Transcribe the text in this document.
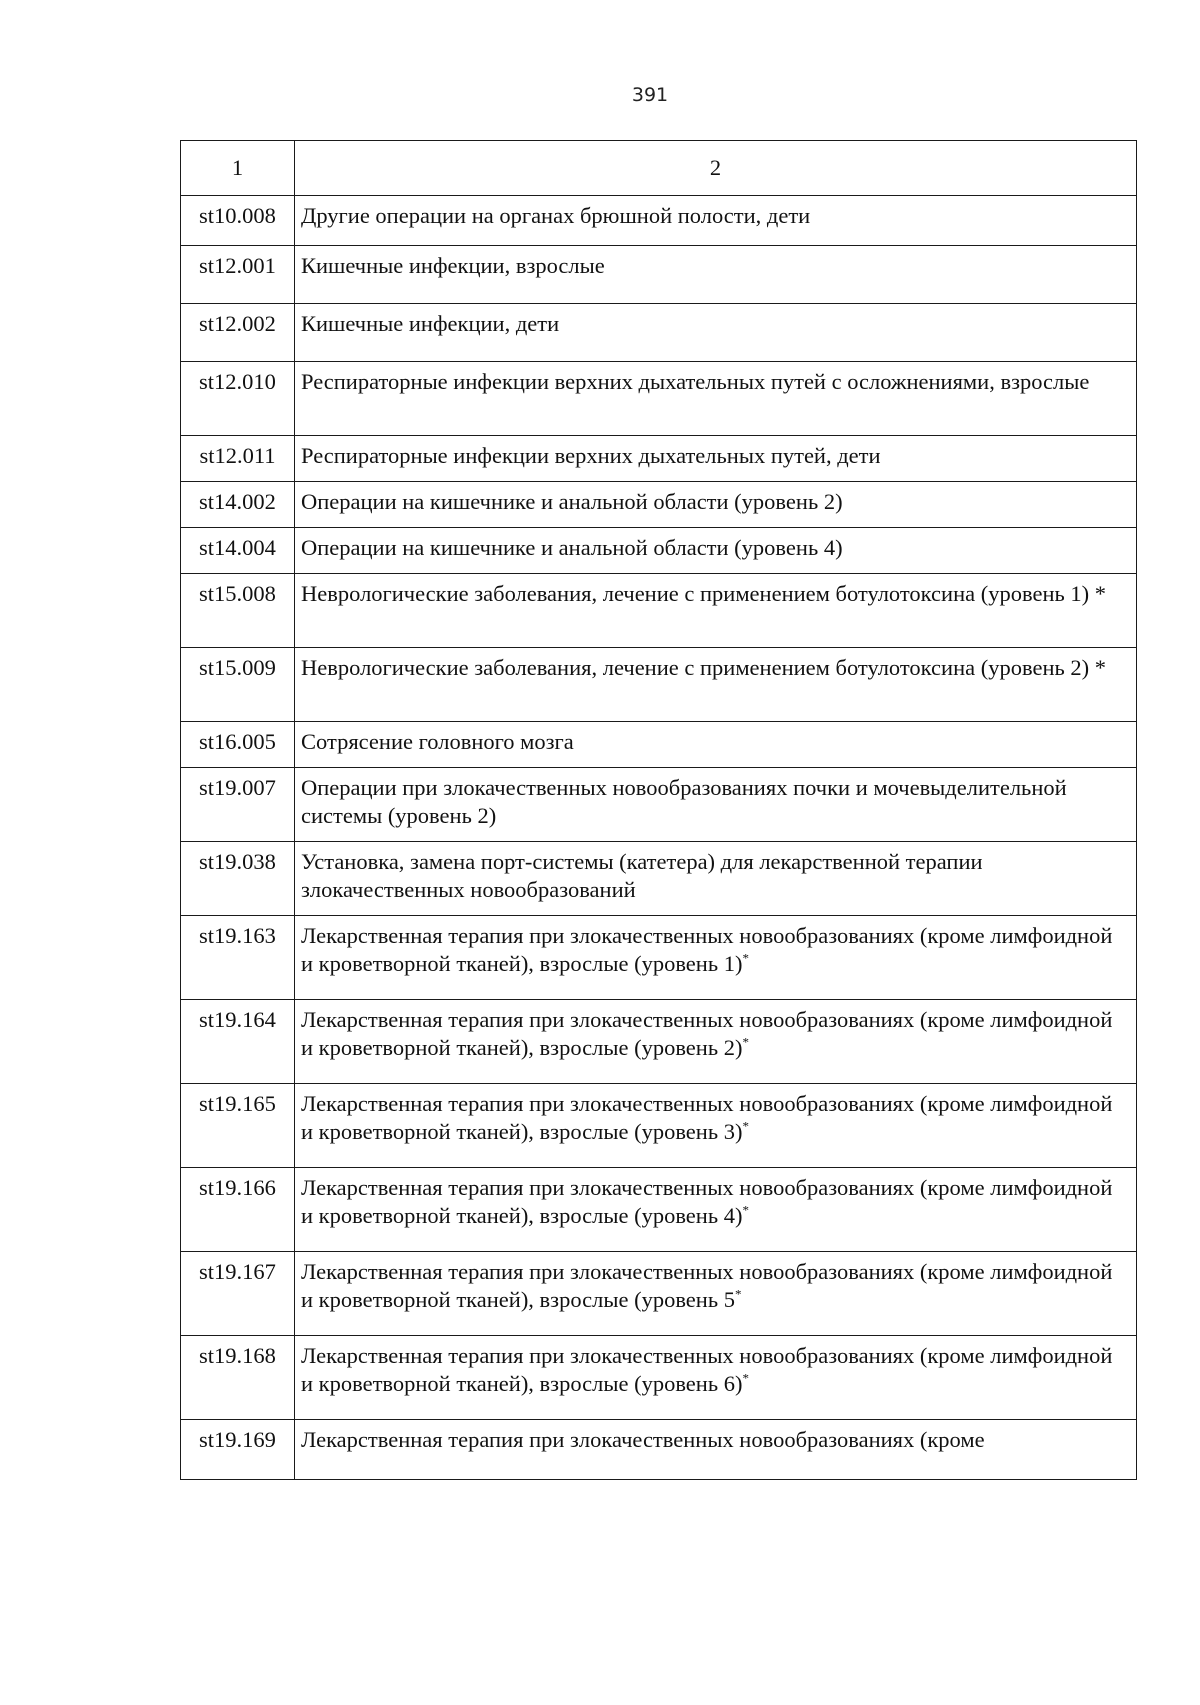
391
1	2
st10.008	Другие операции на органах брюшной полости, дети
st12.001	Кишечные инфекции, взрослые
st12.002	Кишечные инфекции, дети
st12.010	Респираторные инфекции верхних дыхательных путей с осложнениями, взрослые
st12.011	Респираторные инфекции верхних дыхательных путей, дети
st14.002	Операции на кишечнике и анальной области (уровень 2)
st14.004	Операции на кишечнике и анальной области (уровень 4)
st15.008	Неврологические заболевания, лечение с применением ботулотоксина (уровень 1) *
st15.009	Неврологические заболевания, лечение с применением ботулотоксина (уровень 2) *
st16.005	Сотрясение головного мозга
st19.007	Операции при злокачественных новообразованиях почки и мочевыделительной системы (уровень 2)
st19.038	Установка, замена порт-системы (катетера) для лекарственной терапии злокачественных новообразований
st19.163	Лекарственная терапия при злокачественных новообразованиях (кроме лимфоидной и кроветворной тканей), взрослые (уровень 1)*
st19.164	Лекарственная терапия при злокачественных новообразованиях (кроме лимфоидной и кроветворной тканей), взрослые (уровень 2)*
st19.165	Лекарственная терапия при злокачественных новообразованиях (кроме лимфоидной и кроветворной тканей), взрослые (уровень 3)*
st19.166	Лекарственная терапия при злокачественных новообразованиях (кроме лимфоидной и кроветворной тканей), взрослые (уровень 4)*
st19.167	Лекарственная терапия при злокачественных новообразованиях (кроме лимфоидной и кроветворной тканей), взрослые (уровень 5*
st19.168	Лекарственная терапия при злокачественных новообразованиях (кроме лимфоидной и кроветворной тканей), взрослые (уровень 6)*
st19.169	Лекарственная терапия при злокачественных новообразованиях (кроме
